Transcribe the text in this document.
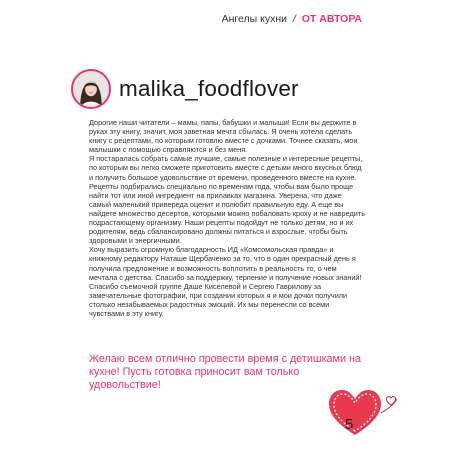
Ангелы кухни / ОТ АВТОРА
malika_foodflover

Дорогие наши читатели – мамы, папы, бабушки и малыши! Если вы держите в руках эту книгу, значит, моя заветная мечта сбылась. Я очень хотела сделать книгу с рецептами, по которым готовлю вместе с дочками. Точнее сказать, мои малышки с помощью справляются и без меня.

Я постаралась собрать самые лучшие, самые полезные и интересные рецепты, по которым вы легко сможете приготовить вместе с детьми много вкусных блюд и получить большое удовольствие от времени, проведенного вместе на кухне. Рецепты подбирались специально по временам года, чтобы вам было проще найти тот или иной ингредиент на прилавках магазина. Уверена, что даже самый маленький привереда оценит и полюбит правильную еду. А еще вы найдете множество десертов, которыми можно побаловать кроху и не навредить подрастающему организму. Наши рецепты подойдут не только детям, но и их родителям, ведь сбалансировано должны питаться и взрослые, чтобы быть здоровыми и энергичными.

Хочу выразить огромную благодарность ИД «Комсомольская правда» и книжному редактору Наташе Щербаченко за то, что в один прекрасный день я получила предложение и возможность воплотить в реальность то, о чем мечтала с детства. Спасибо за поддержку, терпение и получение новых знаний!

Спасибо съемочной группе Даше Киселевой и Сергею Гаврилову за замечательные фотографии, при создании которых я и мои дочки получили столько незабываемых радостных эмоций. Их мы перенесли со всеми чувствами в эту книгу.

Желаю всем отлично провести время с детишками на кухне! Пусть готовка приносит вам только удовольствие!
5
